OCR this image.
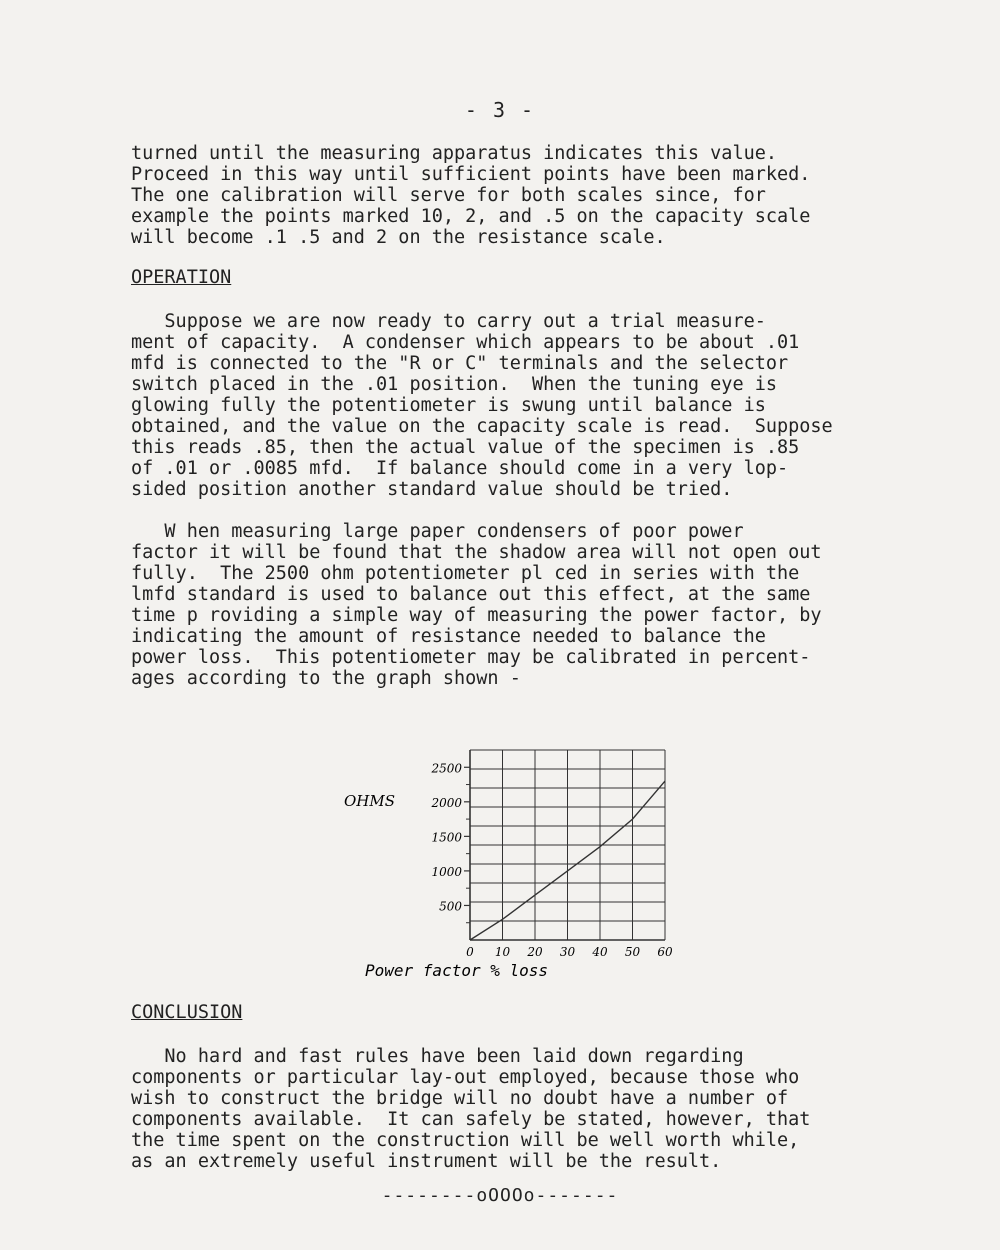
- 3 -
turned until the measuring apparatus indicates this value.
Proceed in this way until sufficient points have been marked.
The one calibration will serve for both scales since, for
example the points marked 10, 2, and .5 on the capacity scale
will become .1 .5 and 2 on the resistance scale.
OPERATION
Suppose we are now ready to carry out a trial measure-
ment of capacity.  A condenser which appears to be about .01
mfd is connected to the "R or C" terminals and the selector
switch placed in the .01 position.  When the tuning eye is
glowing fully the potentiometer is swung until balance is
obtained, and the value on the capacity scale is read.  Suppose
this reads .85, then the actual value of the specimen is .85
of .01 or .0085 mfd.  If balance should come in a very lop-
sided position another standard value should be tried.
W hen measuring large paper condensers of poor power
factor it will be found that the shadow area will not open out
fully.  The 2500 ohm potentiometer pl ced in series with the
lmfd standard is used to balance out this effect, at the same
time p roviding a simple way of measuring the power factor, by
indicating the amount of resistance needed to balance the
power loss.  This potentiometer may be calibrated in percent-
ages according to the graph shown -
500
1000
1500
2000
2500
0 10 20 30 40 50 60
OHMS
Power factor % loss
CONCLUSION
No hard and fast rules have been laid down regarding
components or particular lay-out employed, because those who
wish to construct the bridge will no doubt have a number of
components available.  It can safely be stated, however, that
the time spent on the construction will be well worth while,
as an extremely useful instrument will be the result.
--------oOOOo-------
